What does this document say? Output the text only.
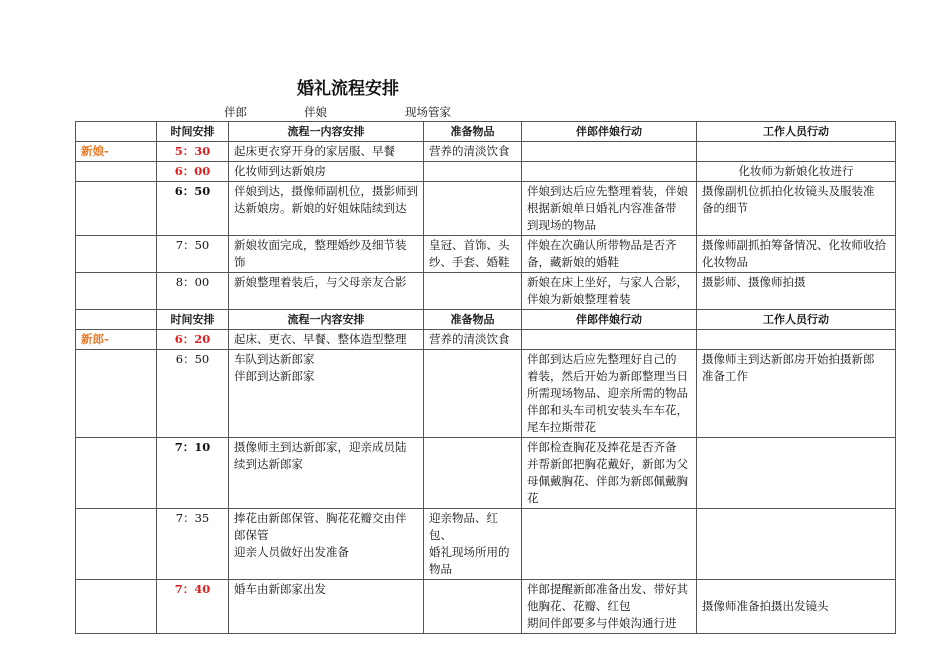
婚礼流程安排
伴郎	伴娘	现场管家
	时间安排	流程一内容安排	准备物品	伴郎伴娘行动	工作人员行动
新娘-	5：30	起床更衣穿开身的家居服、早餐	营养的清淡饮食		

	6：00	化妆师到达新娘房			化妆师为新娘化妆进行

	6：50	伴娘到达，摄像师副机位，摄影师到
达新娘房。新娘的好姐妹陆续到达		伴娘到达后应先整理着装，伴娘
根据新娘单日婚礼内容准备带
到现场的物品	摄像副机位抓拍化妆镜头及服装准
备的细节

	7：50	新娘妆面完成，整理婚纱及细节装
饰	皇冠、首饰、头
纱、手套、婚鞋	伴娘在次确认所带物品是否齐
备，藏新娘的婚鞋	摄像师副抓拍筹备情况、化妆师收拾
化妆物品

	8：00	新娘整理着装后，与父母亲友合影		新娘在床上坐好，与家人合影，
伴娘为新娘整理着装	摄影师、摄像师拍摄

	时间安排	流程一内容安排	准备物品	伴郎伴娘行动	工作人员行动
新郎-	6：20	起床、更衣、早餐、整体造型整理	营养的清淡饮食		

	6：50	车队到达新郎家
伴郎到达新郎家		伴郎到达后应先整理好自己的
着装，然后开始为新郎整理当日
所需现场物品、迎亲所需的物品
伴郎和头车司机安装头车车花，
尾车拉斯带花	摄像师主到达新郎房开始拍摄新郎
准备工作

	7：10	摄像师主到达新郎家，迎亲成员陆
续到达新郎家		伴郎检查胸花及捧花是否齐备
并帮新郎把胸花戴好，新郎为父
母佩戴胸花、伴郎为新郎佩戴胸
花	

	7：35	捧花由新郎保管、胸花花瓣交由伴
郎保管
迎亲人员做好出发准备	迎亲物品、红包、
婚礼现场所用的
物品		

	7：40	婚车由新郎家出发		伴郎提醒新郎准备出发、带好其
他胸花、花瓣、红包
期间伴郎要多与伴娘沟通行进	摄像师准备拍摄出发镜头
